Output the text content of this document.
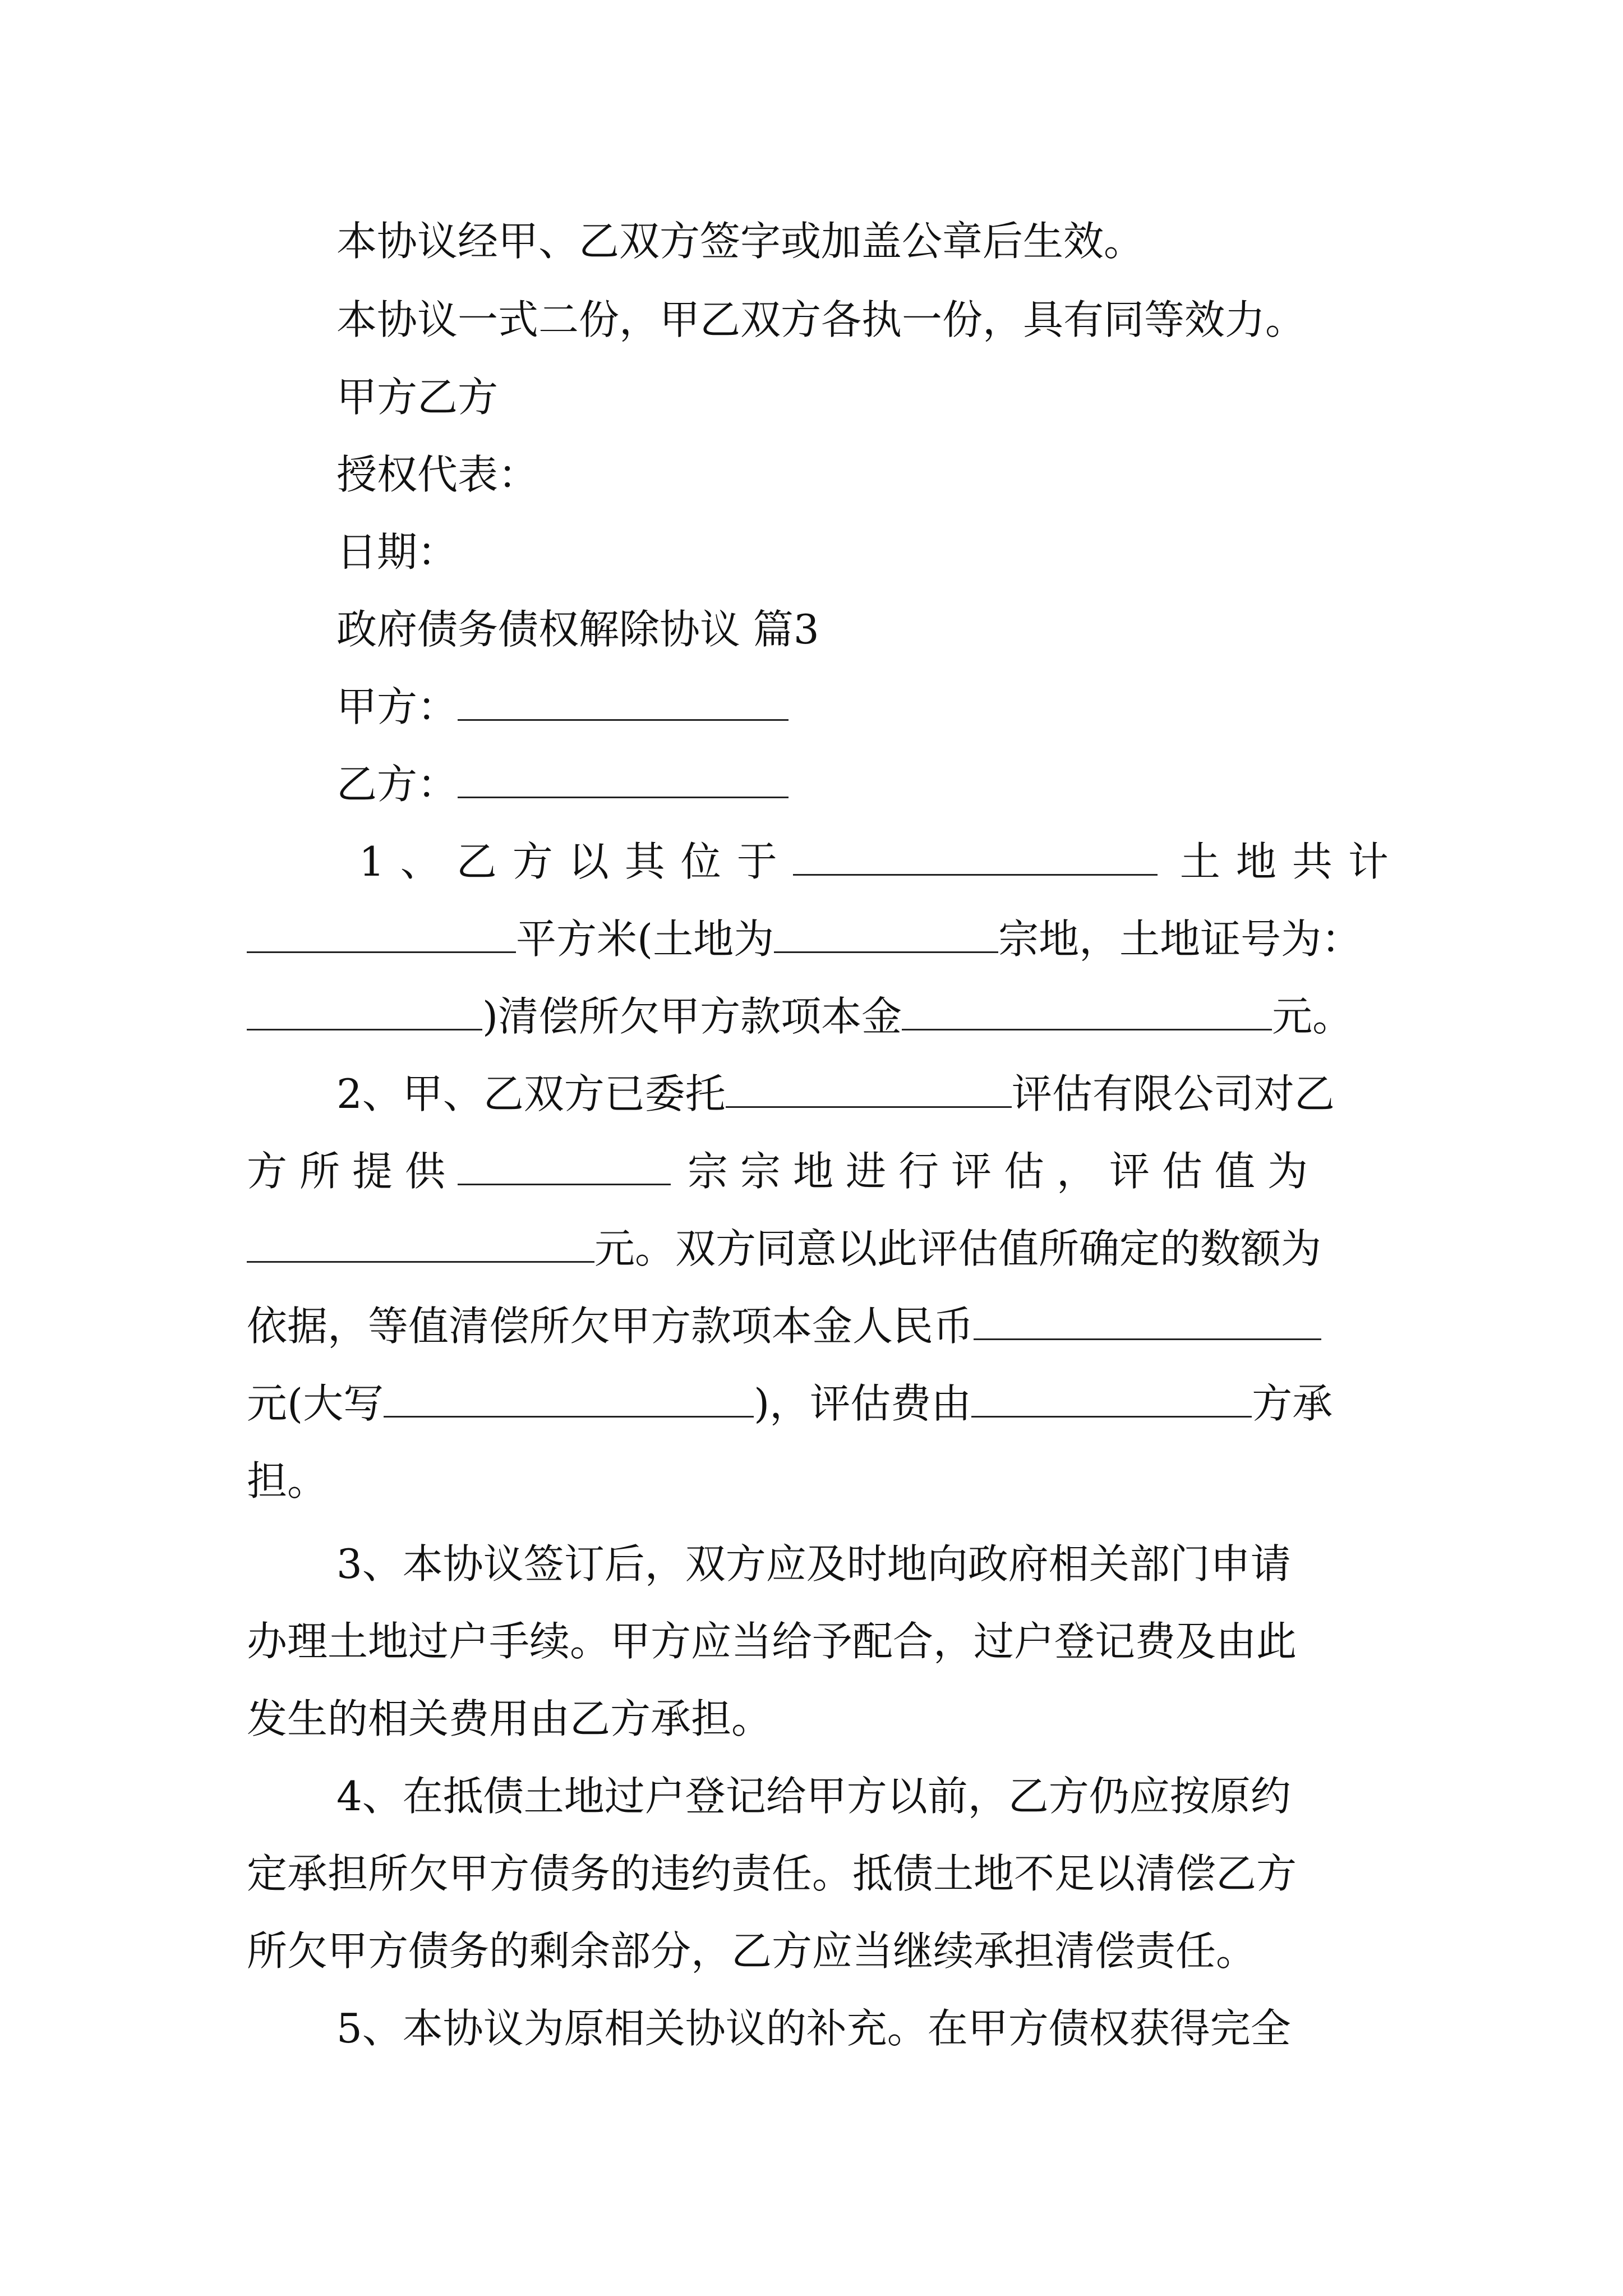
本协议经甲、乙双方签字或加盖公章后生效。
本协议一式二份，甲乙双方各执一份，具有同等效力。
甲方乙方
授权代表：
日期：
政府债务债权解除协议 篇3
甲方：
乙方：
1、乙方以其位于	土地共计
平方米(土地为	宗地，土地证号为：
)清偿所欠甲方款项本金	元。
2、甲、乙双方已委托	评估有限公司对乙
方所提供	宗宗地进行评估，评估值为
元。双方同意以此评估值所确定的数额为
依据，等值清偿所欠甲方款项本金人民币
元(大写	)，评估费由	方承
担。
3、本协议签订后，双方应及时地向政府相关部门申请
办理土地过户手续。甲方应当给予配合，过户登记费及由此
发生的相关费用由乙方承担。
4、在抵债土地过户登记给甲方以前，乙方仍应按原约
定承担所欠甲方债务的违约责任。抵债土地不足以清偿乙方
所欠甲方债务的剩余部分，乙方应当继续承担清偿责任。
5、本协议为原相关协议的补充。在甲方债权获得完全
